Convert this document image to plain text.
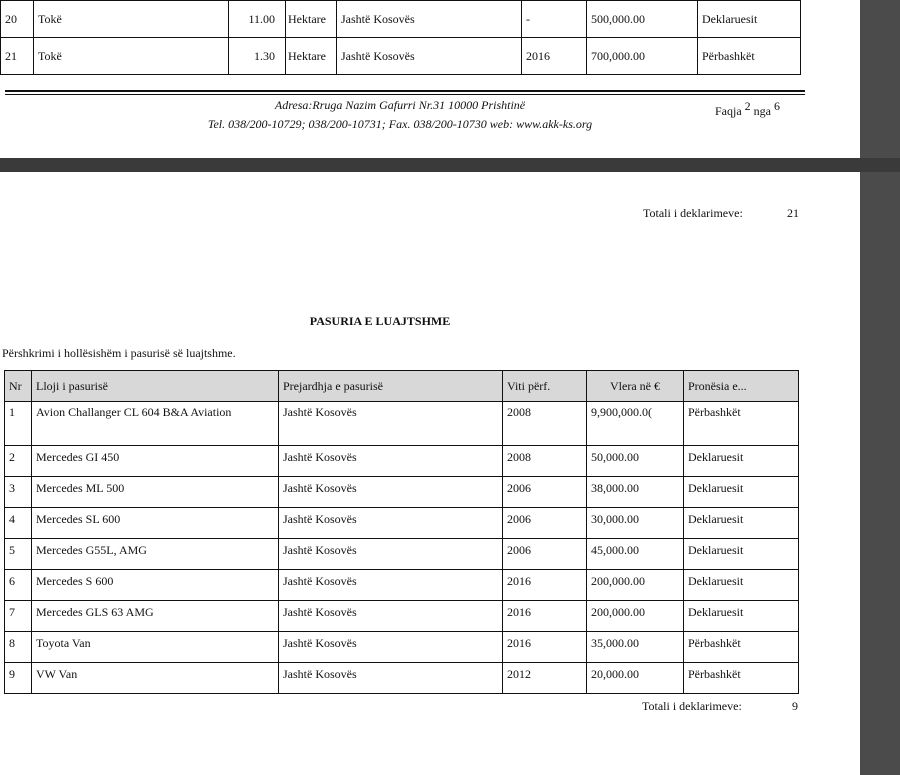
20	Tokë	11.00	Hektare	Jashtë Kosovës	-	500,000.00	Deklaruesit
21	Tokë	1.30	Hektare	Jashtë Kosovës	2016	700,000.00	Përbashkët
Adresa:Rruga Nazim Gafurri Nr.31 10000 Prishtinë
Tel. 038/200-10729; 038/200-10731; Fax. 038/200-10730 web: www.akk-ks.org
Faqja $^2$ nga $^6$
Totali i deklarimeve:	21
PASURIA E LUAJTSHME
Përshkrimi i hollësishëm i pasurisë së luajtshme.
Nr	Lloji i pasurisë	Prejardhja e pasurisë	Viti përf.	Vlera në €	Pronësia e...
1	Avion Challanger CL 604 B&A Aviation	Jashtë Kosovës	2008	9,900,000.0(	Përbashkët
2	Mercedes GI 450	Jashtë Kosovës	2008	50,000.00	Deklaruesit
3	Mercedes ML 500	Jashtë Kosovës	2006	38,000.00	Deklaruesit
4	Mercedes SL 600	Jashtë Kosovës	2006	30,000.00	Deklaruesit
5	Mercedes G55L, AMG	Jashtë Kosovës	2006	45,000.00	Deklaruesit
6	Mercedes S 600	Jashtë Kosovës	2016	200,000.00	Deklaruesit
7	Mercedes GLS 63 AMG	Jashtë Kosovës	2016	200,000.00	Deklaruesit
8	Toyota Van	Jashtë Kosovës	2016	35,000.00	Përbashkët
9	VW Van	Jashtë Kosovës	2012	20,000.00	Përbashkët
Totali i deklarimeve:	9
